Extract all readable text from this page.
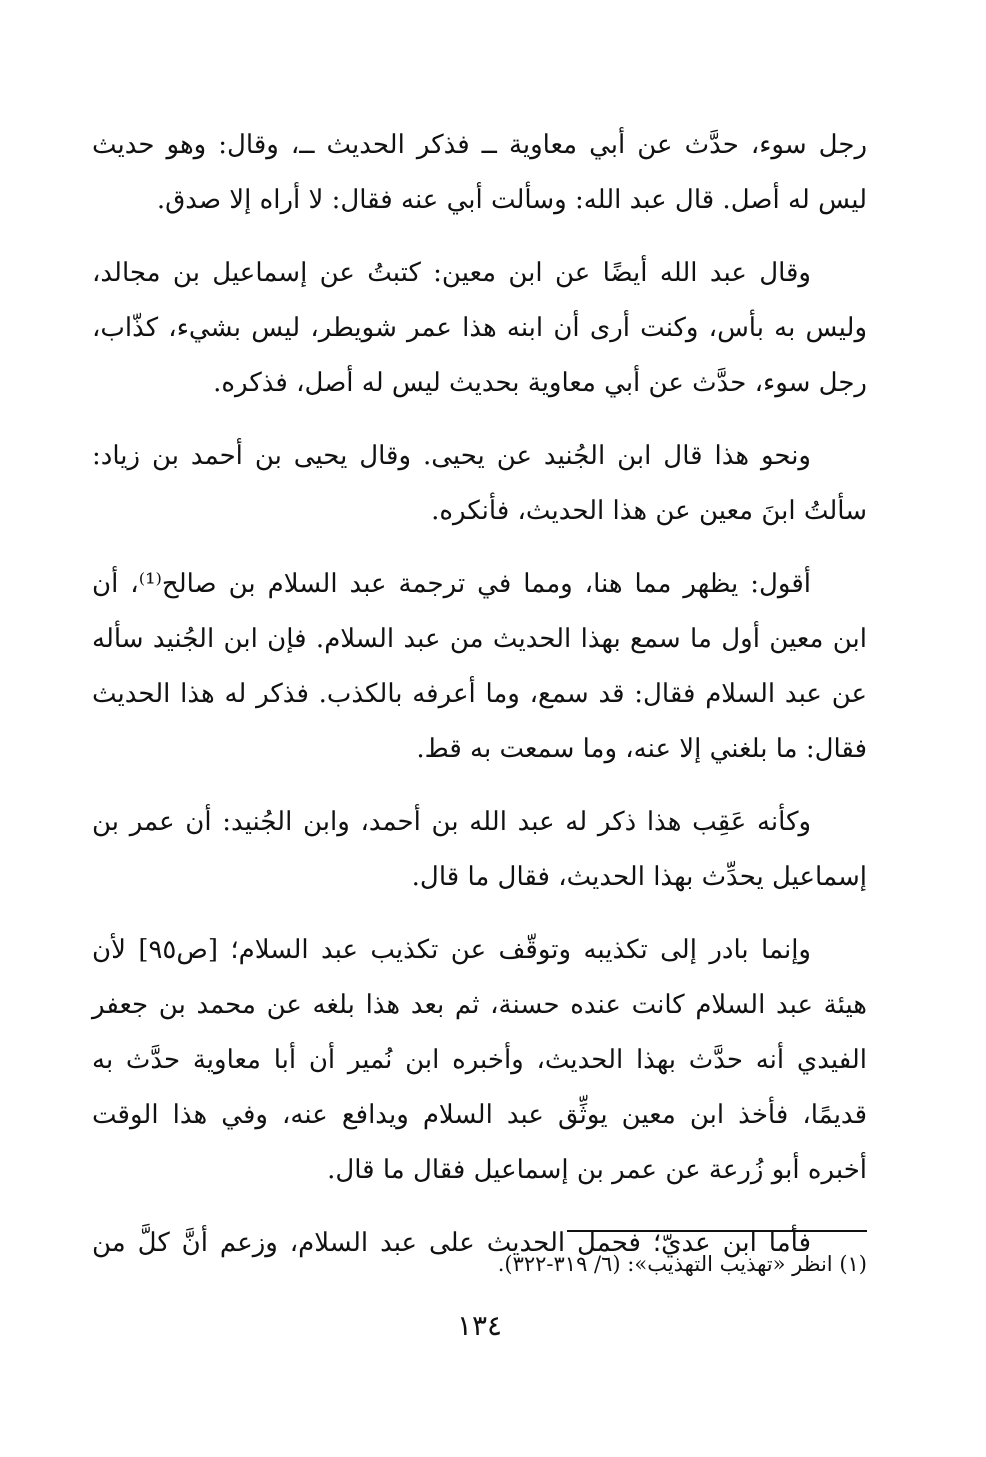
رجل سوء، حدَّث عن أبي معاوية ــ فذكر الحديث ــ، وقال: وهو حديث ليس له أصل. قال عبد الله: وسألت أبي عنه فقال: لا أراه إلا صدق.

وقال عبد الله أيضًا عن ابن معين: كتبتُ عن إسماعيل بن مجالد، وليس به بأس، وكنت أرى أن ابنه هذا عمر شويطر، ليس بشيء، كذّاب، رجل سوء، حدَّث عن أبي معاوية بحديث ليس له أصل، فذكره.

ونحو هذا قال ابن الجُنيد عن يحيى. وقال يحيى بن أحمد بن زياد: سألتُ ابنَ معين عن هذا الحديث، فأنكره.

أقول: يظهر مما هنا، ومما في ترجمة عبد السلام بن صالح⁽¹⁾، أن ابن معين أول ما سمع بهذا الحديث من عبد السلام. فإن ابن الجُنيد سأله عن عبد السلام فقال: قد سمع، وما أعرفه بالكذب. فذكر له هذا الحديث فقال: ما بلغني إلا عنه، وما سمعت به قط.

وكأنه عَقِب هذا ذكر له عبد الله بن أحمد، وابن الجُنيد: أن عمر بن إسماعيل يحدِّث بهذا الحديث، فقال ما قال.

وإنما بادر إلى تكذيبه وتوقّف عن تكذيب عبد السلام؛ [ص٩٥] لأن هيئة عبد السلام كانت عنده حسنة، ثم بعد هذا بلغه عن محمد بن جعفر الفيدي أنه حدَّث بهذا الحديث، وأخبره ابن نُمير أن أبا معاوية حدَّث به قديمًا، فأخذ ابن معين يوثِّق عبد السلام ويدافع عنه، وفي هذا الوقت أخبره أبو زُرعة عن عمر بن إسماعيل فقال ما قال.

فأما ابن عديّ؛ فحمل الحديث على عبد السلام، وزعم أنَّ كلَّ من

(١) انظر «تهذيب التهذيب»: (٦/ ٣١٩-٣٢٢).
١٣٤
